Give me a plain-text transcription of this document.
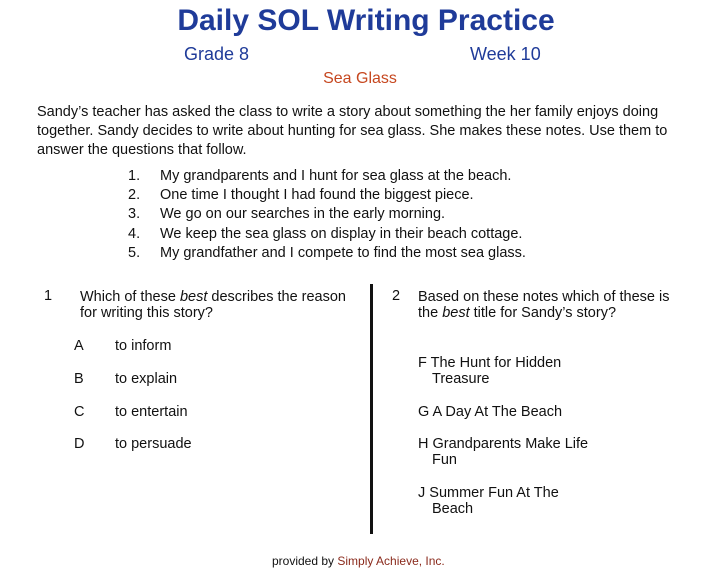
Daily SOL Writing Practice
Grade 8	Week 10
Sea Glass
Sandy’s teacher has asked the class to write a story about something the her family enjoys doing together. Sandy decides to write about hunting for sea glass. She makes these notes. Use them to answer the questions that follow.
1.	My grandparents and I hunt for sea glass at the beach.
2.	One time I thought I had found the biggest piece.
3.	We go on our searches in the early morning.
4.	We keep the sea glass on display in their beach cottage.
5.	My grandfather and I compete to find the most sea glass.
1 Which of these best describes the reason for writing this story?
A to inform
B to explain
C to entertain
D to persuade
2 Based on these notes which of these is the best title for Sandy’s story?
F The Hunt for Hidden
Treasure
G A Day At The Beach
H Grandparents Make Life
Fun
J Summer Fun At The
Beach
provided by Simply Achieve, Inc.
